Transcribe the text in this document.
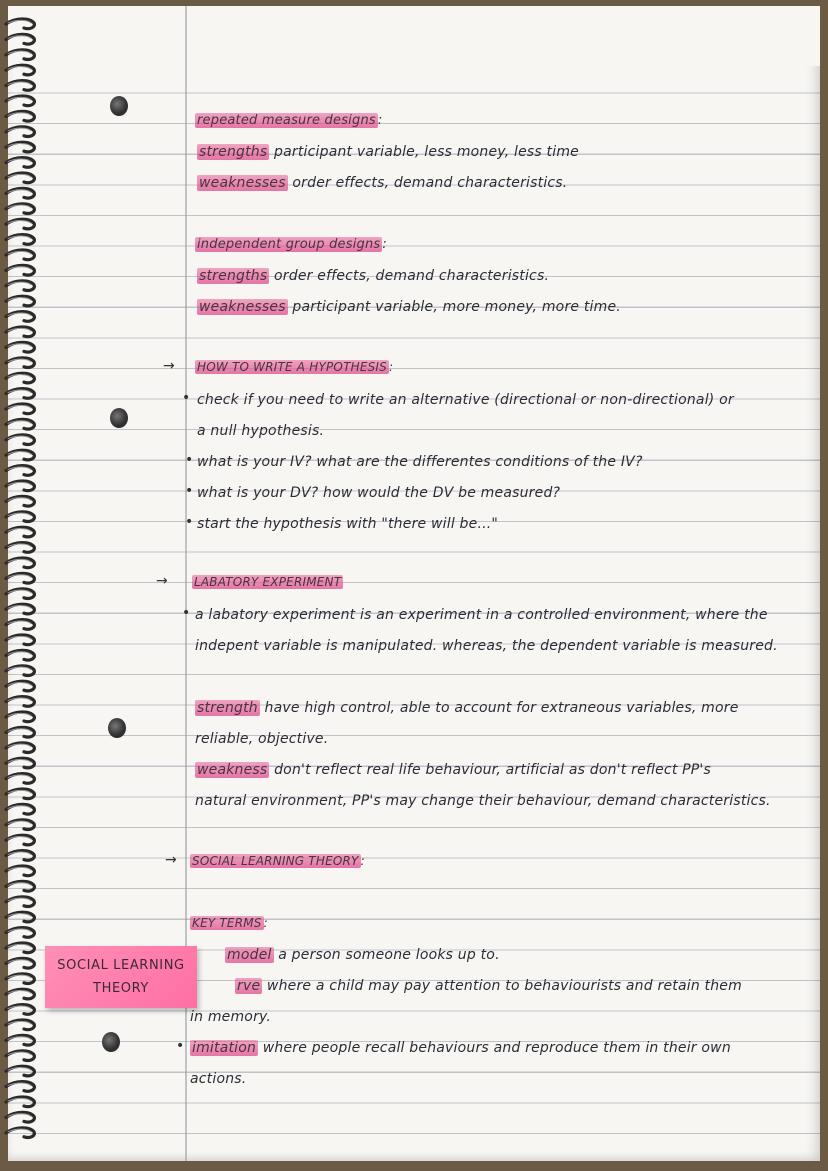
repeated measure designs :
strengths participant variable, less money, less time
weaknesses order effects, demand characteristics.
independent group designs :
strengths order effects, demand characteristics.
weaknesses participant variable, more money, more time.
→ HOW TO WRITE A HYPOTHESIS :
• check if you need to write an alternative (directional or non-directional) or
a null hypothesis.
• what is your IV? what are the differentes conditions of the IV?
• what is your DV? how would the DV be measured?
• start the hypothesis with "there will be..."
→ LABATORY EXPERIMENT
• a labatory experiment is an experiment in a controlled environment, where the
indepent variable is manipulated. whereas, the dependent variable is measured.
strength have high control, able to account for extraneous variables, more
reliable, objective.
weakness don't reflect real life behaviour, artificial as don't reflect PP's
natural environment, PP's may change their behaviour, demand characteristics.
→ SOCIAL LEARNING THEORY :
KEY TERMS :
model a person someone looks up to.
rve where a child may pay attention to behaviourists and retain them
in memory.
• imitation where people recall behaviours and reproduce them in their own
actions.
SOCIAL LEARNING
THEORY
